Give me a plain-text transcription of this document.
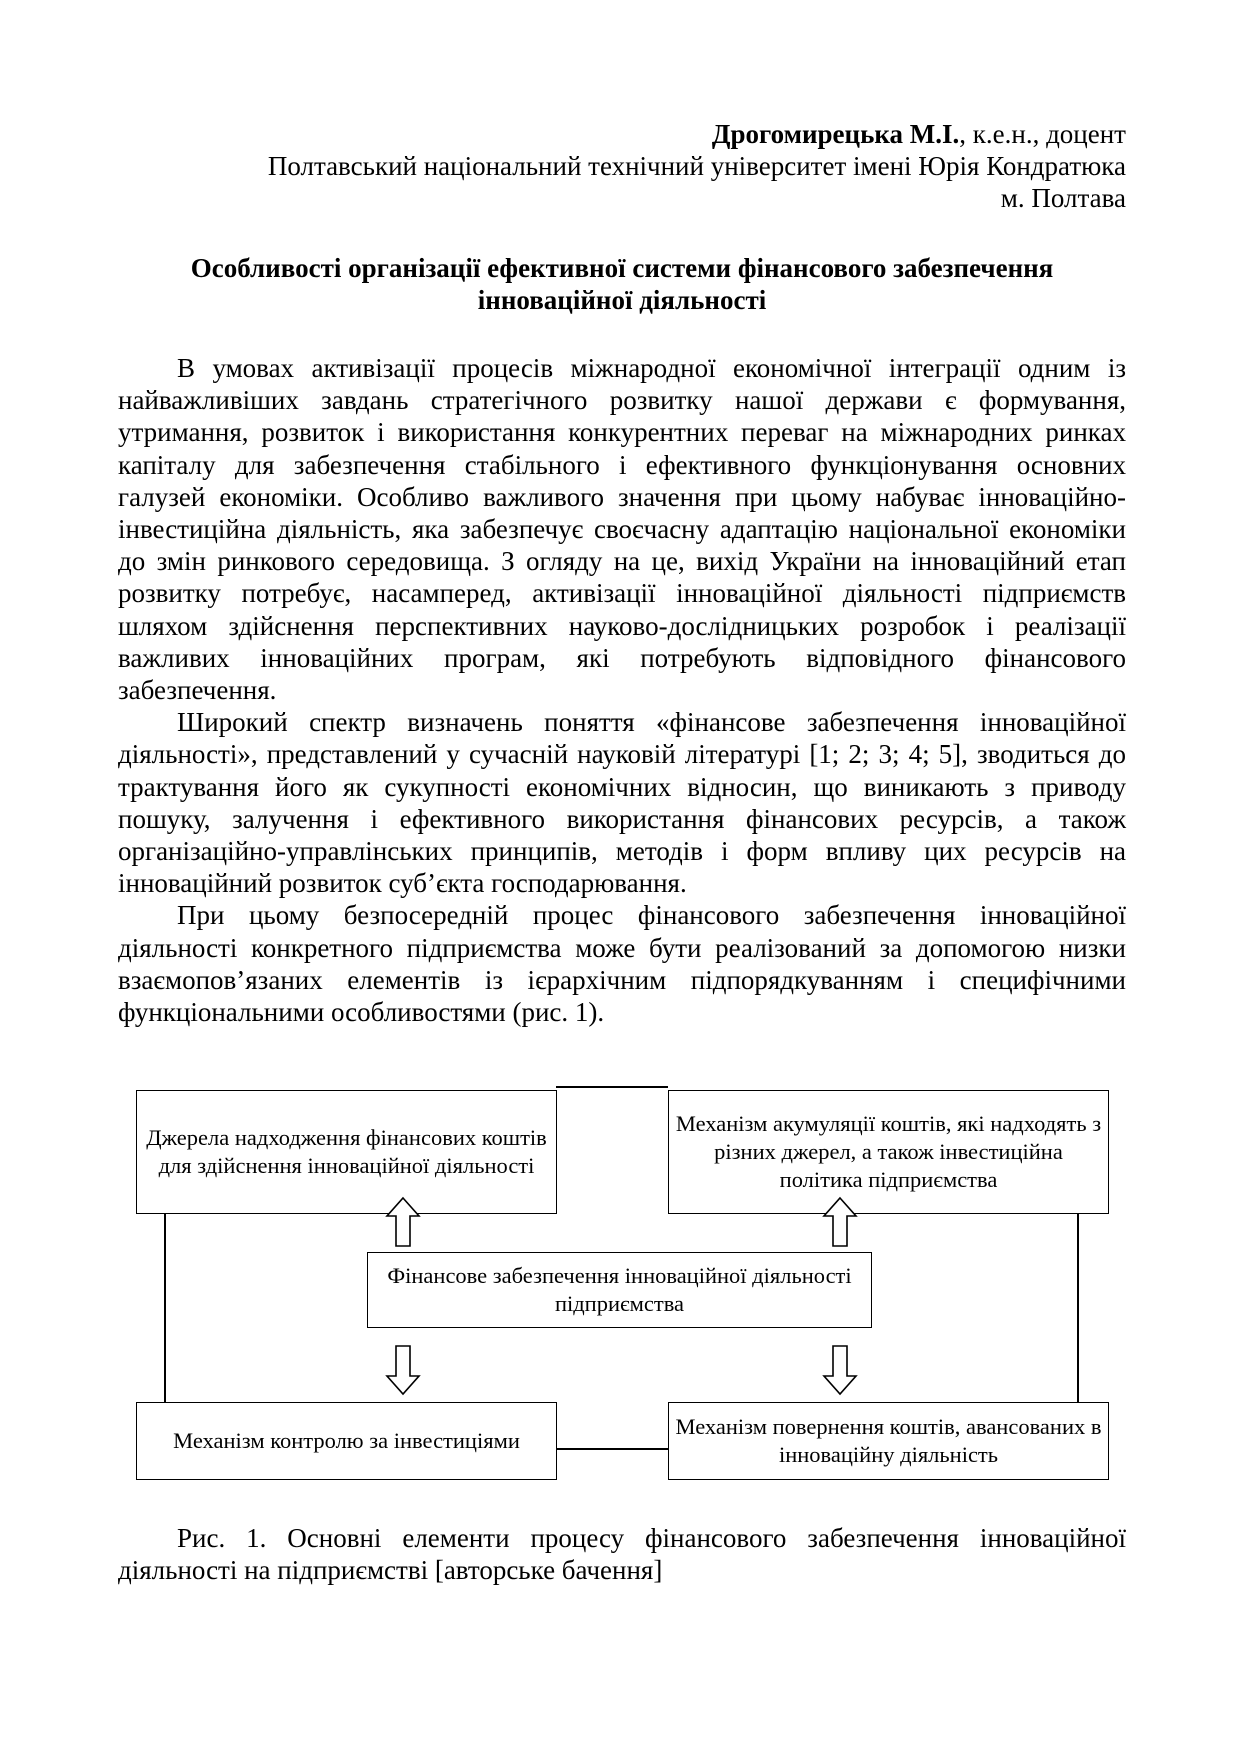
Дрогомирецька М.І., к.е.н., доцент
Полтавський національний технічний університет імені Юрія Кондратюка
м. Полтава
Особливості організації ефективної системи фінансового забезпечення
інноваційної діяльності

В умовах активізації процесів міжнародної економічної інтеграції одним із найважливіших завдань стратегічного розвитку нашої держави є формування, утримання, розвиток і використання конкурентних переваг на міжнародних ринках капіталу для забезпечення стабільного і ефективного функціонування основних галузей економіки. Особливо важливого значення при цьому набуває інноваційно-інвестиційна діяльність, яка забезпечує своєчасну адаптацію національної економіки до змін ринкового середовища. З огляду на це, вихід України на інноваційний етап розвитку потребує, насамперед, активізації інноваційної діяльності підприємств шляхом здійснення перспективних науково-дослідницьких розробок і реалізації важливих інноваційних програм, які потребують відповідного фінансового забезпечення.

Широкий спектр визначень поняття «фінансове забезпечення інноваційної діяльності», представлений у сучасній науковій літературі [1; 2; 3; 4; 5], зводиться до трактування його як сукупності економічних відносин, що виникають з приводу пошуку, залучення і ефективного використання фінансових ресурсів, а також організаційно-управлінських принципів, методів і форм впливу цих ресурсів на інноваційний розвиток суб’єкта господарювання.

При цьому безпосередній процес фінансового забезпечення інноваційної діяльності конкретного підприємства може бути реалізований за допомогою низки взаємопов’язаних елементів із ієрархічним підпорядкуванням і специфічними функціональними особливостями (рис. 1).

Джерела надходження фінансових коштів для здійснення інноваційної діяльності
Механізм акумуляції коштів, які надходять з різних джерел, а також інвестиційна політика підприємства
Фінансове забезпечення інноваційної діяльності підприємства
Механізм контролю за інвестиціями
Механізм повернення коштів, авансованих в інноваційну діяльність
Рис. 1. Основні елементи процесу фінансового забезпечення інноваційної діяльності на підприємстві [авторське бачення]
